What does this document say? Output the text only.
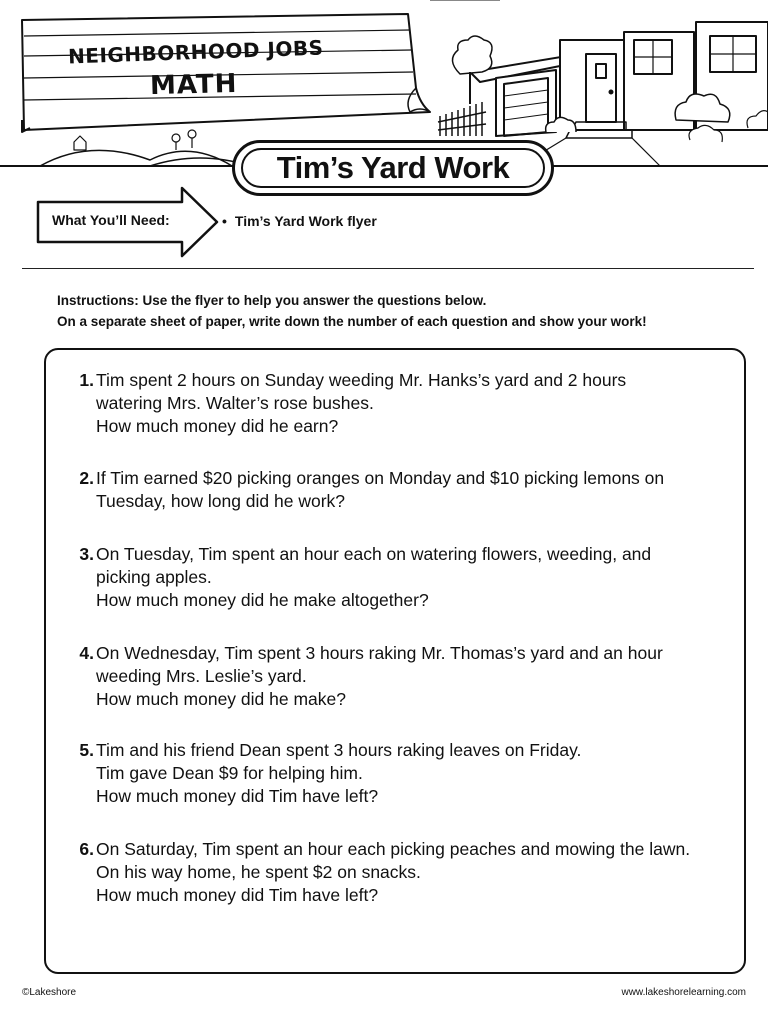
NEIGHBORHOOD JOBS
MATH
Tim’s Yard Work
What You’ll Need:	• Tim’s Yard Work flyer
Instructions: Use the flyer to help you answer the questions below.
On a separate sheet of paper, write down the number of each question and show your work!
1. Tim spent 2 hours on Sunday weeding Mr. Hanks’s yard and 2 hours
watering Mrs. Walter’s rose bushes.
How much money did he earn?
2. If Tim earned $20 picking oranges on Monday and $10 picking lemons on
Tuesday, how long did he work?
3. On Tuesday, Tim spent an hour each on watering flowers, weeding, and
picking apples.
How much money did he make altogether?
4. On Wednesday, Tim spent 3 hours raking Mr. Thomas’s yard and an hour
weeding Mrs. Leslie’s yard.
How much money did he make?
5. Tim and his friend Dean spent 3 hours raking leaves on Friday.
Tim gave Dean $9 for helping him.
How much money did Tim have left?
6. On Saturday, Tim spent an hour each picking peaches and mowing the lawn.
On his way home, he spent $2 on snacks.
How much money did Tim have left?
©Lakeshore	www.lakeshorelearning.com
